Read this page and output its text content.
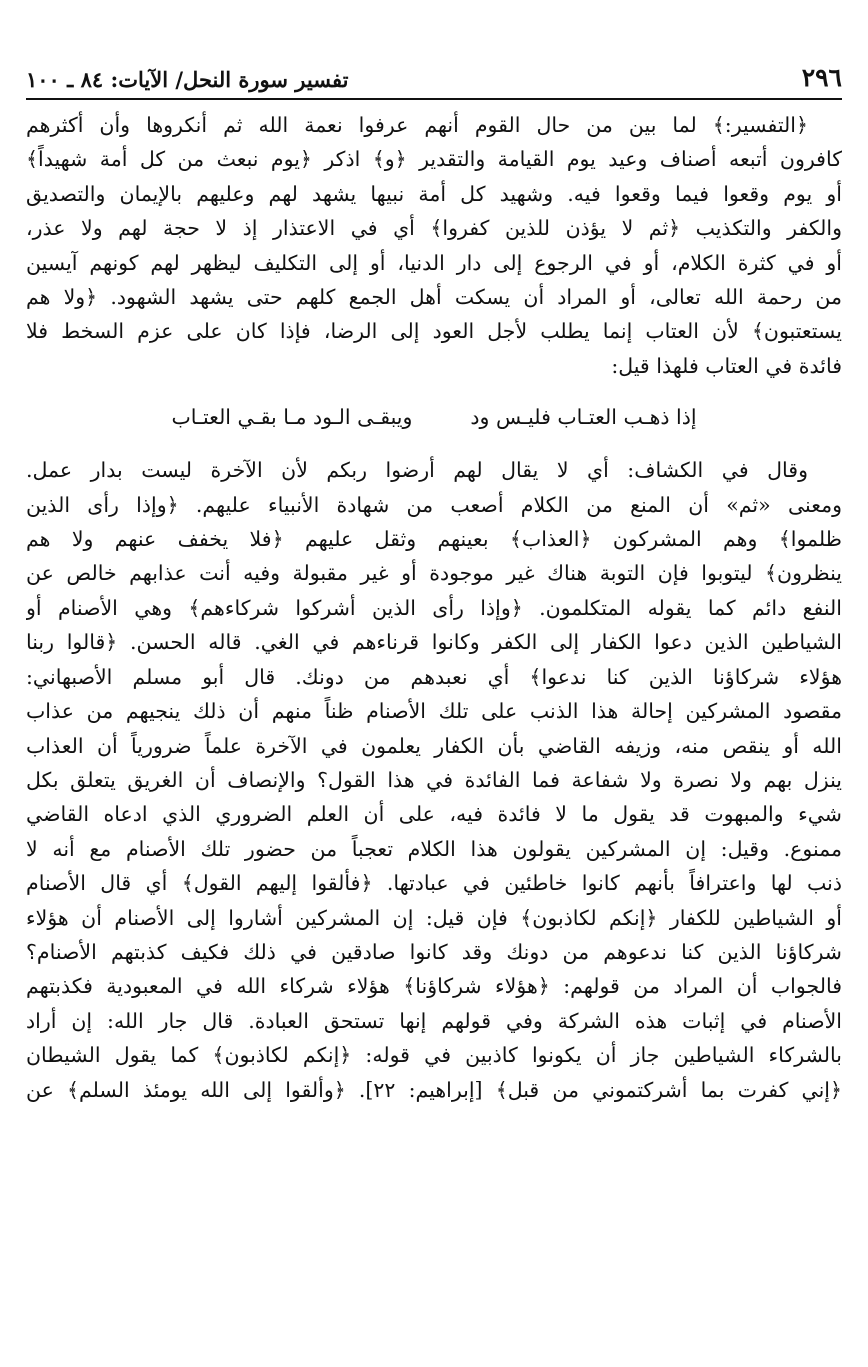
٢٩٦
تفسير سورة النحل/ الآيات: ٨٤ ـ ١٠٠
﴿التفسير:﴾ لما بين من حال القوم أنهم عرفوا نعمة الله ثم أنكروها وأن أكثرهم
كافرون أتبعه أصناف وعيد يوم القيامة والتقدير ﴿و﴾ اذكر ﴿يوم نبعث من كل أمة شهيداً﴾
أو يوم وقعوا فيما وقعوا فيه. وشهيد كل أمة نبيها يشهد لهم وعليهم بالإيمان والتصديق
والكفر والتكذيب ﴿ثم لا يؤذن للذين كفروا﴾ أي في الاعتذار إذ لا حجة لهم ولا عذر،
أو في كثرة الكلام، أو في الرجوع إلى دار الدنيا، أو إلى التكليف ليظهر لهم كونهم آيسين
من رحمة الله تعالى، أو المراد أن يسكت أهل الجمع كلهم حتى يشهد الشهود. ﴿ولا هم
يستعتبون﴾ لأن العتاب إنما يطلب لأجل العود إلى الرضا، فإذا كان على عزم السخط فلا
فائدة في العتاب فلهذا قيل:
إذا ذهـب العتـاب فليـس ود
ويبقـى الـود مـا بقـي العتـاب
وقال في الكشاف: أي لا يقال لهم أرضوا ربكم لأن الآخرة ليست بدار عمل.
ومعنى «ثم» أن المنع من الكلام أصعب من شهادة الأنبياء عليهم. ﴿وإذا رأى الذين
ظلموا﴾ وهم المشركون ﴿العذاب﴾ بعينهم وثقل عليهم ﴿فلا يخفف عنهم ولا هم
ينظرون﴾ ليتوبوا فإن التوبة هناك غير موجودة أو غير مقبولة وفيه أنت عذابهم خالص عن
النفع دائم كما يقوله المتكلمون. ﴿وإذا رأى الذين أشركوا شركاءهم﴾ وهي الأصنام أو
الشياطين الذين دعوا الكفار إلى الكفر وكانوا قرناءهم في الغي. قاله الحسن. ﴿قالوا ربنا
هؤلاء شركاؤنا الذين كنا ندعوا﴾ أي نعبدهم من دونك. قال أبو مسلم الأصبهاني:
مقصود المشركين إحالة هذا الذنب على تلك الأصنام ظناً منهم أن ذلك ينجيهم من عذاب
الله أو ينقص منه، وزيفه القاضي بأن الكفار يعلمون في الآخرة علماً ضرورياً أن العذاب
ينزل بهم ولا نصرة ولا شفاعة فما الفائدة في هذا القول؟ والإنصاف أن الغريق يتعلق بكل
شيء والمبهوت قد يقول ما لا فائدة فيه، على أن العلم الضروري الذي ادعاه القاضي
ممنوع. وقيل: إن المشركين يقولون هذا الكلام تعجباً من حضور تلك الأصنام مع أنه لا
ذنب لها واعترافاً بأنهم كانوا خاطئين في عبادتها. ﴿فألقوا إليهم القول﴾ أي قال الأصنام
أو الشياطين للكفار ﴿إنكم لكاذبون﴾ فإن قيل: إن المشركين أشاروا إلى الأصنام أن هؤلاء
شركاؤنا الذين كنا ندعوهم من دونك وقد كانوا صادقين في ذلك فكيف كذبتهم الأصنام؟
فالجواب أن المراد من قولهم: ﴿هؤلاء شركاؤنا﴾ هؤلاء شركاء الله في المعبودية فكذبتهم
الأصنام في إثبات هذه الشركة وفي قولهم إنها تستحق العبادة. قال جار الله: إن أراد
بالشركاء الشياطين جاز أن يكونوا كاذبين في قوله: ﴿إنكم لكاذبون﴾ كما يقول الشيطان
﴿إني كفرت بما أشركتموني من قبل﴾ [إبراهيم: ٢٢]. ﴿وألقوا إلى الله يومئذ السلم﴾ عن
